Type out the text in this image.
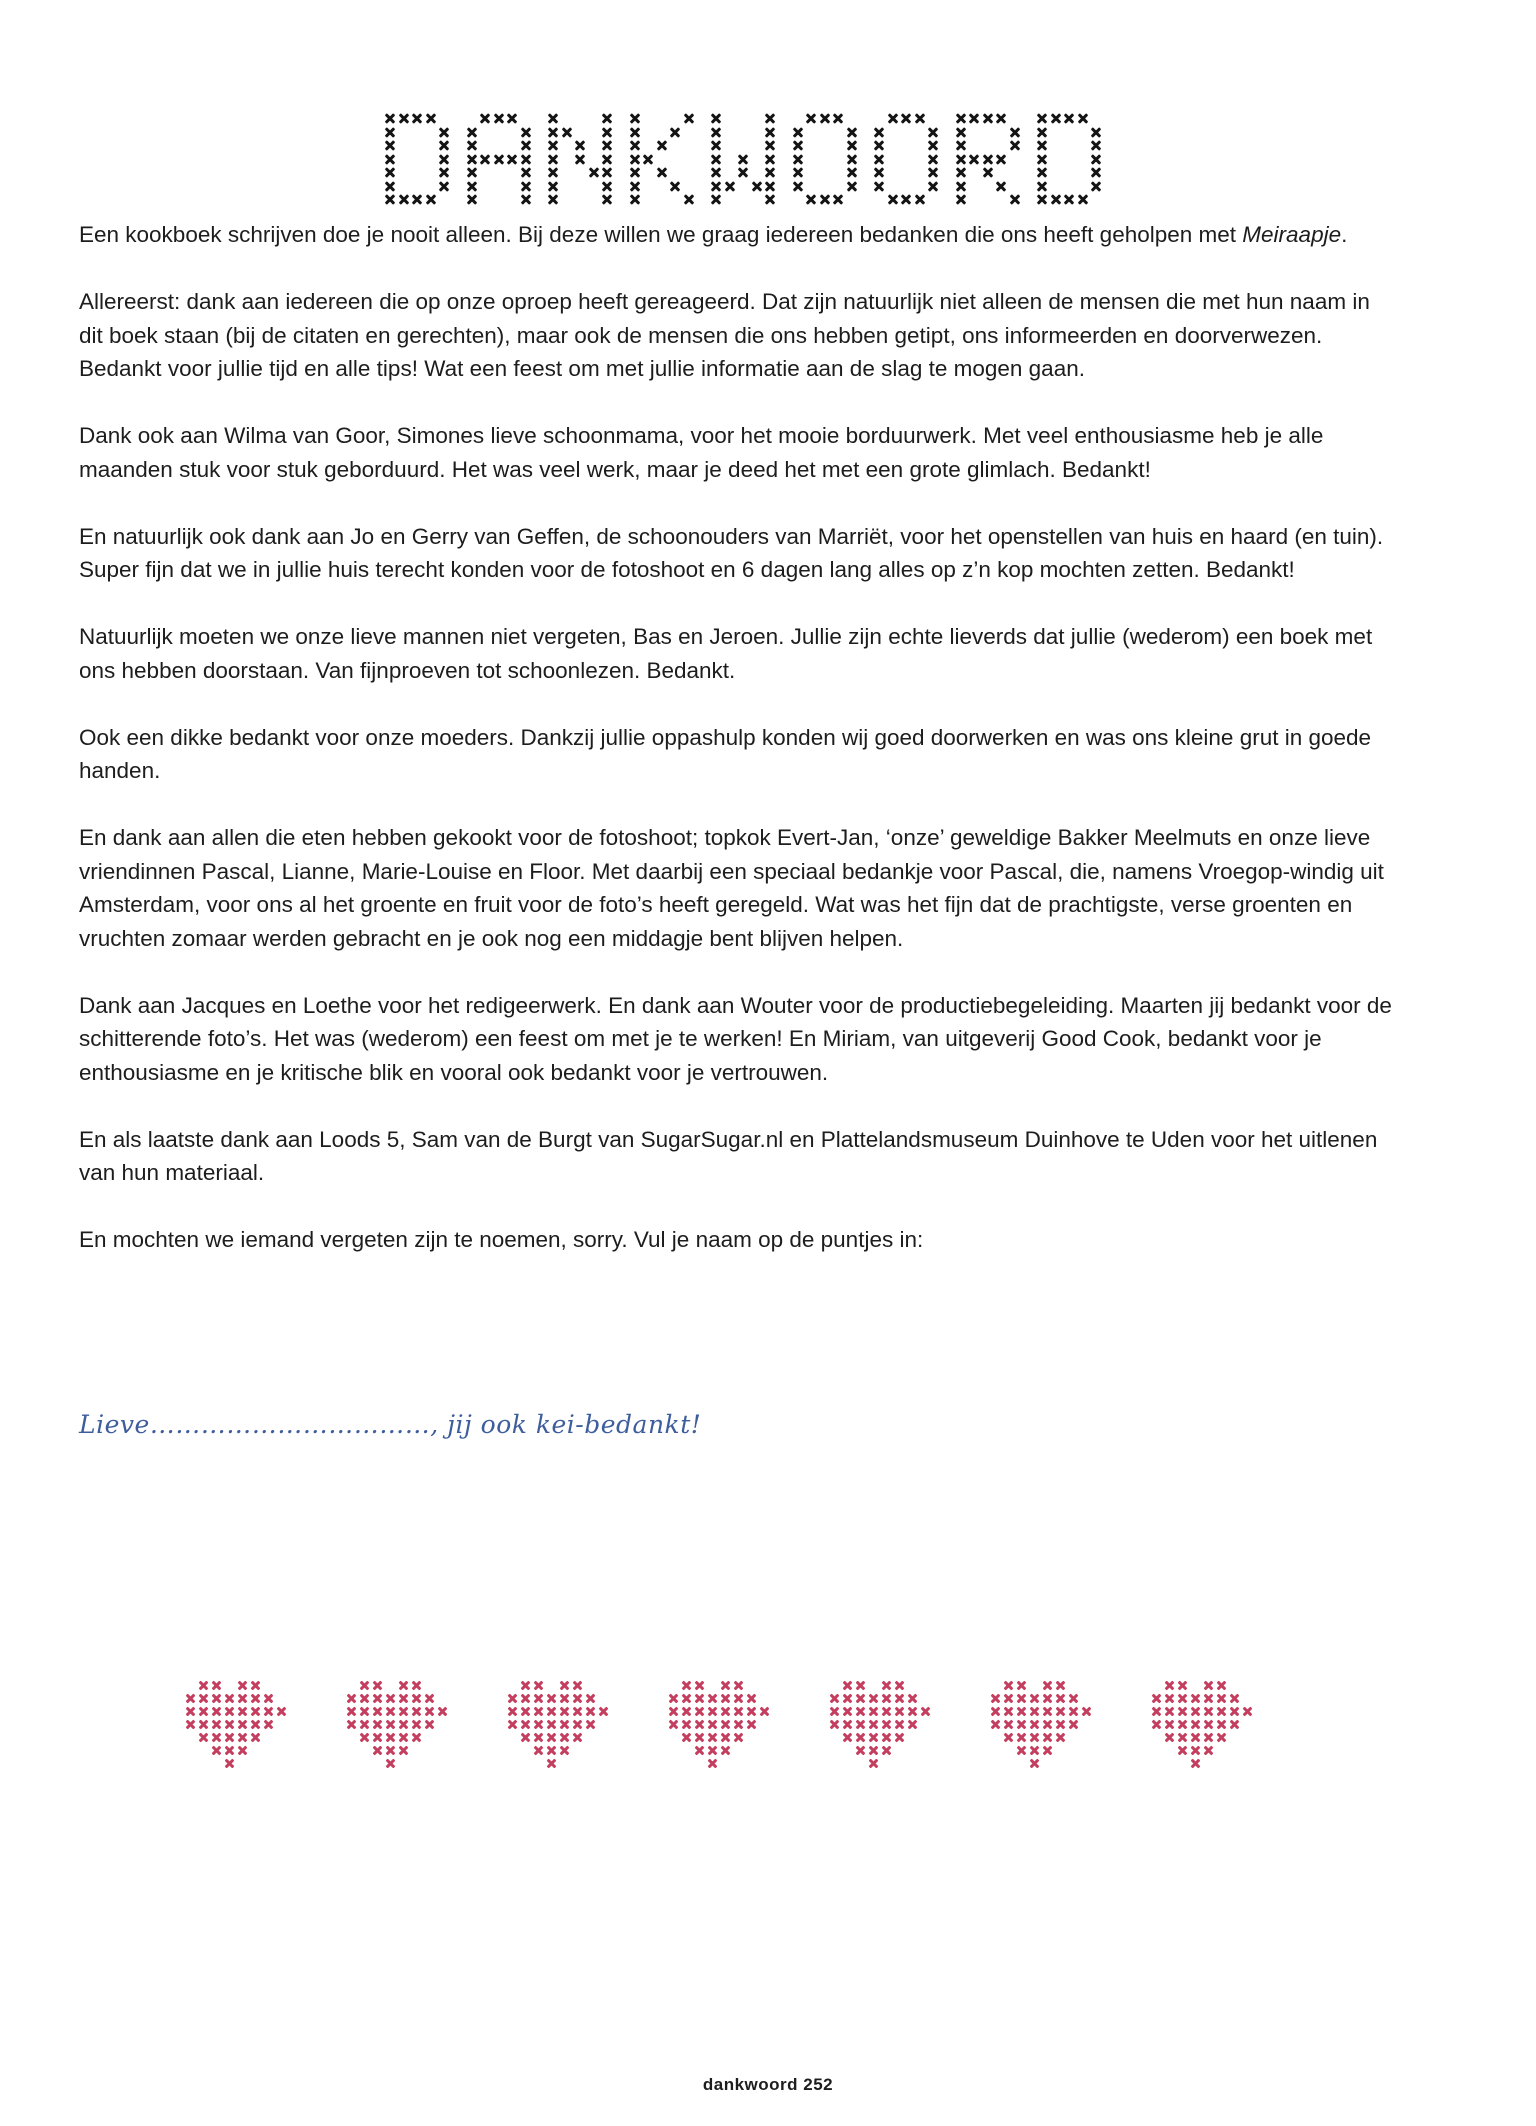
Een kookboek schrijven doe je nooit alleen. Bij deze willen we graag iedereen bedanken die ons heeft geholpen met Meiraapje.

Allereerst: dank aan iedereen die op onze oproep heeft gereageerd. Dat zijn natuurlijk niet alleen de mensen die met hun naam in dit boek staan (bij de citaten en gerechten), maar ook de mensen die ons hebben getipt, ons informeerden en doorverwezen. Bedankt voor jullie tijd en alle tips! Wat een feest om met jullie informatie aan de slag te mogen gaan.

Dank ook aan Wilma van Goor, Simones lieve schoonmama, voor het mooie borduurwerk. Met veel enthousiasme heb je alle maanden stuk voor stuk geborduurd. Het was veel werk, maar je deed het met een grote glimlach. Bedankt!

En natuurlijk ook dank aan Jo en Gerry van Geffen, de schoonouders van Marriët, voor het openstellen van huis en haard (en tuin). Super fijn dat we in jullie huis terecht konden voor de fotoshoot en 6 dagen lang alles op z’n kop mochten zetten. Bedankt!

Natuurlijk moeten we onze lieve mannen niet vergeten, Bas en Jeroen. Jullie zijn echte lieverds dat jullie (wederom) een boek met ons hebben doorstaan. Van fijnproeven tot schoonlezen. Bedankt.

Ook een dikke bedankt voor onze moeders. Dankzij jullie oppashulp konden wij goed doorwerken en was ons kleine grut in goede handen.

En dank aan allen die eten hebben gekookt voor de fotoshoot; topkok Evert-Jan, ‘onze’ geweldige Bakker Meelmuts en onze lieve vriendinnen Pascal, Lianne, Marie-Louise en Floor. Met daarbij een speciaal bedankje voor Pascal, die, namens Vroegop-windig uit Amsterdam, voor ons al het groente en fruit voor de foto’s heeft geregeld. Wat was het fijn dat de prachtigste, verse groenten en vruchten zomaar werden gebracht en je ook nog een middagje bent blijven helpen.

Dank aan Jacques en Loethe voor het redigeerwerk. En dank aan Wouter voor de productiebegeleiding. Maarten jij bedankt voor de schitterende foto’s. Het was (wederom) een feest om met je te werken! En Miriam, van uitgeverij Good Cook, bedankt voor je enthousiasme en je kritische blik en vooral ook bedankt voor je vertrouwen.

En als laatste dank aan Loods 5, Sam van de Burgt van SugarSugar.nl en Plattelandsmuseum Duinhove te Uden voor het uitlenen van hun materiaal.

En mochten we iemand vergeten zijn te noemen, sorry. Vul je naam op de puntjes in:

Lieve……………………………, jij ook kei-bedankt!
dankwoord 252
